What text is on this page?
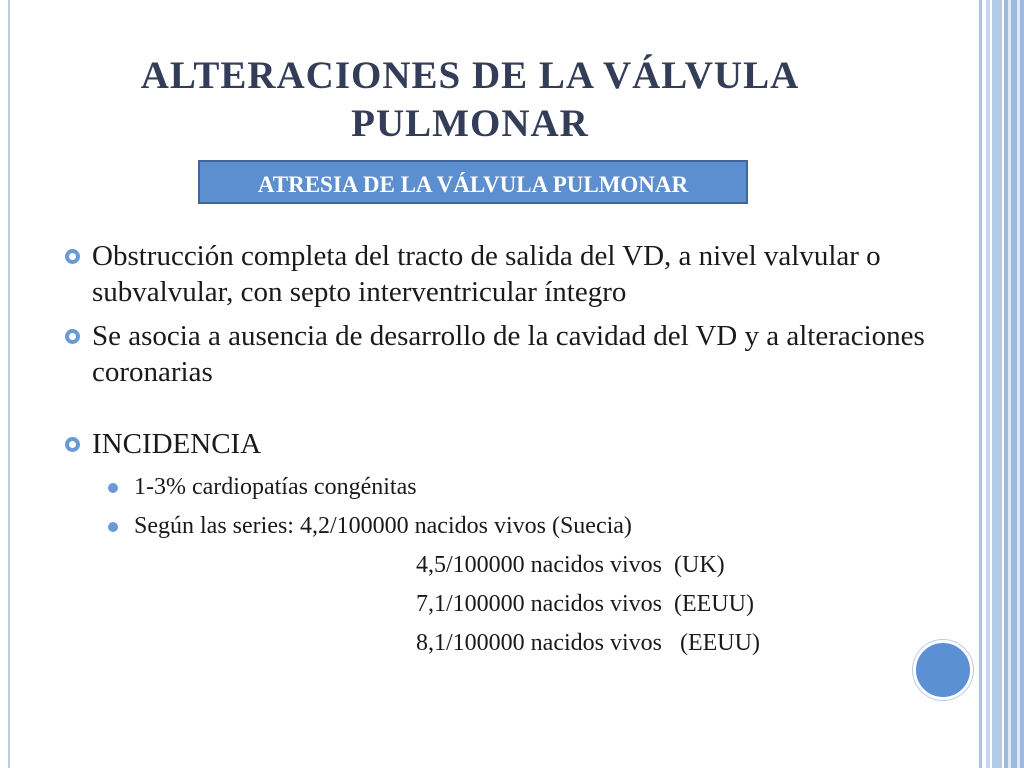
ALTERACIONES DE LA VÁLVULA
PULMONAR
ATRESIA DE LA VÁLVULA PULMONAR
Obstrucción completa del tracto de salida del VD, a nivel valvular o subvalvular, con septo interventricular íntegro
Se asocia a ausencia de desarrollo de la cavidad del VD y a alteraciones coronarias
INCIDENCIA
1-3% cardiopatías congénitas
Según las series: 4,2/100000 nacidos vivos (Suecia)
4,5/100000 nacidos vivos  (UK)
7,1/100000 nacidos vivos  (EEUU)
8,1/100000 nacidos vivos   (EEUU)
